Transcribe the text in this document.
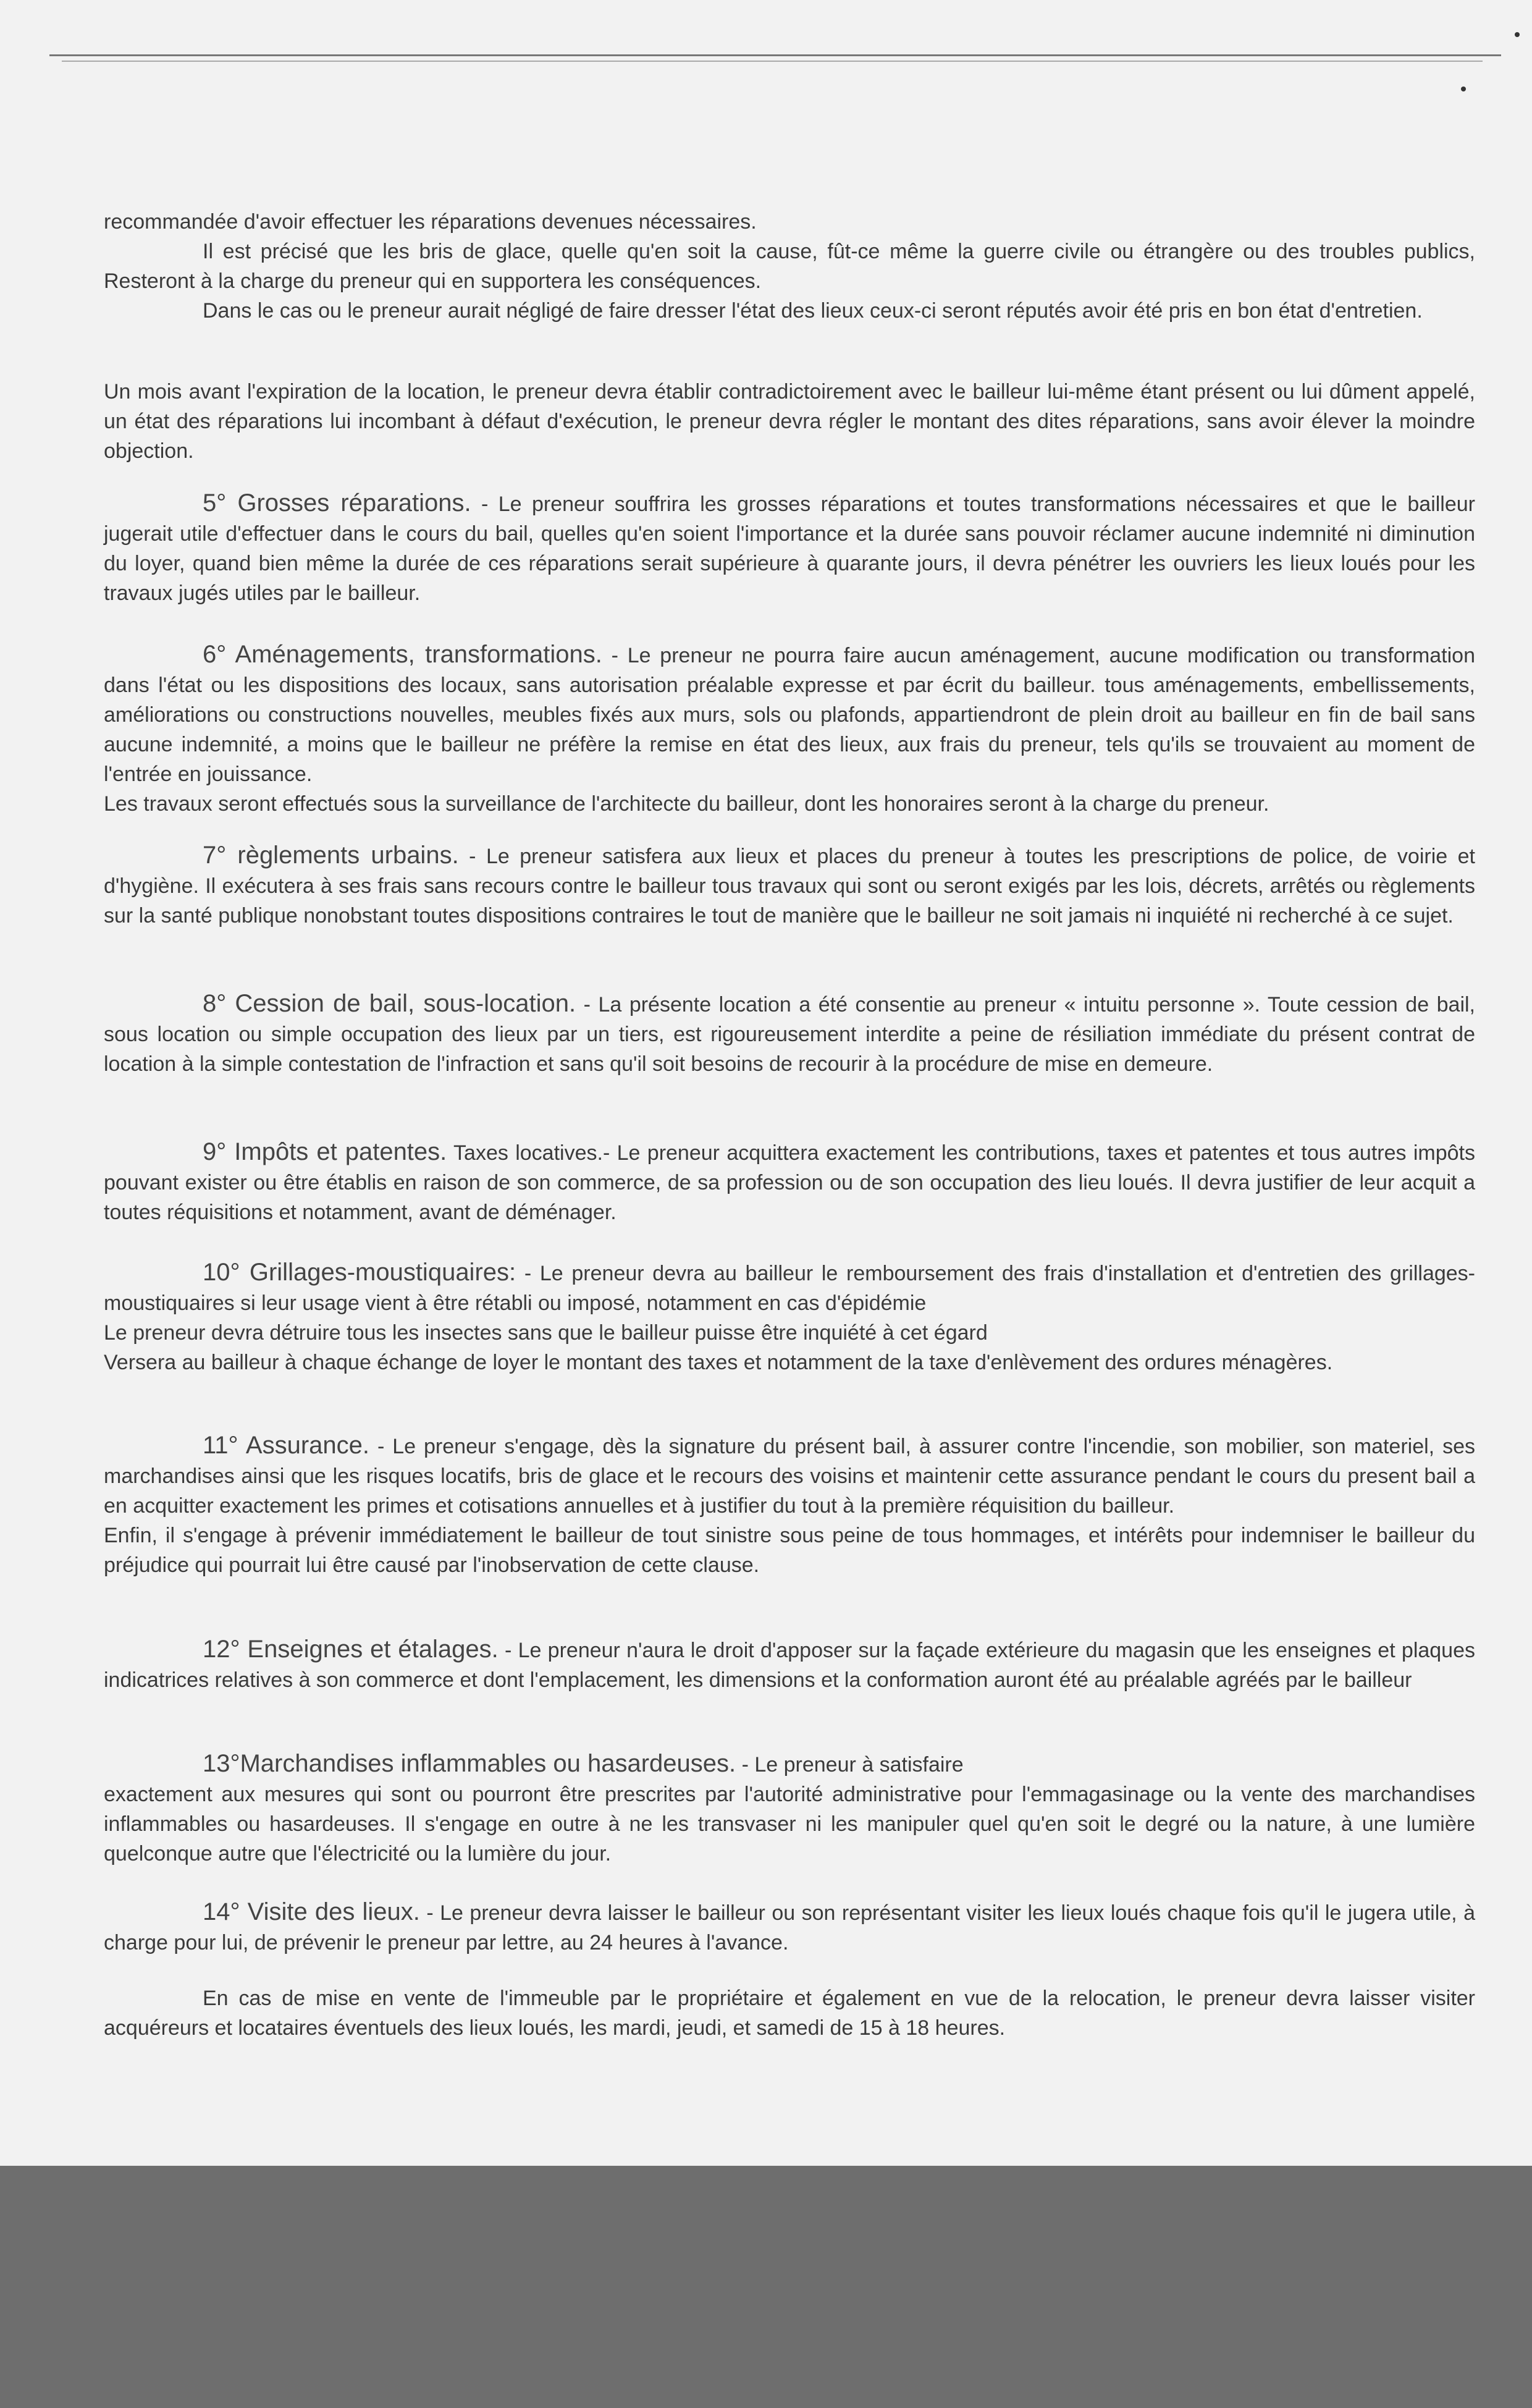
recommandée d'avoir effectuer les réparations devenues nécessaires.

Il est précisé que les bris de glace, quelle qu'en soit la cause, fût-ce même la guerre civile ou étrangère ou des troubles publics, Resteront à la charge du preneur qui en supportera les conséquences.

Dans le cas ou le preneur aurait négligé de faire dresser l'état des lieux ceux-ci seront réputés avoir été pris en bon état d'entretien.

Un mois avant l'expiration de la location, le preneur devra établir contradictoirement avec le bailleur lui-même étant présent ou lui dûment appelé, un état des réparations lui incombant à défaut d'exécution, le preneur devra régler le montant des dites réparations, sans avoir élever la moindre objection.

5° Grosses réparations. - Le preneur souffrira les grosses réparations et toutes transformations nécessaires et que le bailleur jugerait utile d'effectuer dans le cours du bail, quelles qu'en soient l'importance et la durée sans pouvoir réclamer aucune indemnité ni diminution du loyer, quand bien même la durée de ces réparations serait supérieure à quarante jours, il devra pénétrer les ouvriers les lieux loués pour les travaux jugés utiles par le bailleur.

6° Aménagements, transformations. - Le preneur ne pourra faire aucun aménagement, aucune modification ou transformation dans l'état ou les dispositions des locaux, sans autorisation préalable expresse et par écrit du bailleur. tous aménagements, embellissements, améliorations ou constructions nouvelles, meubles fixés aux murs, sols ou plafonds, appartiendront de plein droit au bailleur en fin de bail sans aucune indemnité, a moins que le bailleur ne préfère la remise en état des lieux, aux frais du preneur, tels qu'ils se trouvaient au moment de l'entrée en jouissance.

Les travaux seront effectués sous la surveillance de l'architecte du bailleur, dont les honoraires seront à la charge du preneur.

7° règlements urbains. - Le preneur satisfera aux lieux et places du preneur à toutes les prescriptions de police, de voirie et d'hygiène. Il exécutera à ses frais sans recours contre le bailleur tous travaux qui sont ou seront exigés par les lois, décrets, arrêtés ou règlements sur la santé publique nonobstant toutes dispositions contraires le tout de manière que le bailleur ne soit jamais ni inquiété ni recherché à ce sujet.

8° Cession de bail, sous-location. - La présente location a été consentie au preneur « intuitu personne ». Toute cession de bail, sous location ou simple occupation des lieux par un tiers, est rigoureusement interdite a peine de résiliation immédiate du présent contrat de location à la simple contestation de l'infraction et sans qu'il soit besoins de recourir à la procédure de mise en demeure.

9° Impôts et patentes. Taxes locatives.- Le preneur acquittera exactement les contributions, taxes et patentes et tous autres impôts pouvant exister ou être établis en raison de son commerce, de sa profession ou de son occupation des lieu loués. Il devra justifier de leur acquit a toutes réquisitions et notamment, avant de déménager.

10° Grillages-moustiquaires: - Le preneur devra au bailleur le remboursement des frais d'installation et d'entretien des grillages-moustiquaires si leur usage vient à être rétabli ou imposé, notamment en cas d'épidémie

Le preneur devra détruire tous les insectes sans que le bailleur puisse être inquiété à cet égard

Versera au bailleur à chaque échange de loyer le montant des taxes et notamment de la taxe d'enlèvement des ordures ménagères.

11° Assurance. - Le preneur s'engage, dès la signature du présent bail, à assurer contre l'incendie, son mobilier, son materiel, ses marchandises ainsi que les risques locatifs, bris de glace et le recours des voisins et maintenir cette assurance pendant le cours du present bail a en acquitter exactement les primes et cotisations annuelles et à justifier du tout à la première réquisition du bailleur.

Enfin, il s'engage à prévenir immédiatement le bailleur de tout sinistre sous peine de tous hommages, et intérêts pour indemniser le bailleur du préjudice qui pourrait lui être causé par l'inobservation de cette clause.

12° Enseignes et étalages. - Le preneur n'aura le droit d'apposer sur la façade extérieure du magasin que les enseignes et plaques indicatrices relatives à son commerce et dont l'emplacement, les dimensions et la conformation auront été au préalable agréés par le bailleur

13°Marchandises inflammables ou hasardeuses. - Le preneur à satisfaire

exactement aux mesures qui sont ou pourront être prescrites par l'autorité administrative pour l'emmagasinage ou la vente des marchandises inflammables ou hasardeuses. Il s'engage en outre à ne les transvaser ni les manipuler quel qu'en soit le degré ou la nature, à une lumière quelconque autre que l'électricité ou la lumière du jour.

14° Visite des lieux. - Le preneur devra laisser le bailleur ou son représentant visiter les lieux loués chaque fois qu'il le jugera utile, à charge pour lui, de prévenir le preneur par lettre, au 24 heures à l'avance.

En cas de mise en vente de l'immeuble par le propriétaire et également en vue de la relocation, le preneur devra laisser visiter acquéreurs et locataires éventuels des lieux loués, les mardi, jeudi, et samedi de 15 à 18 heures.
